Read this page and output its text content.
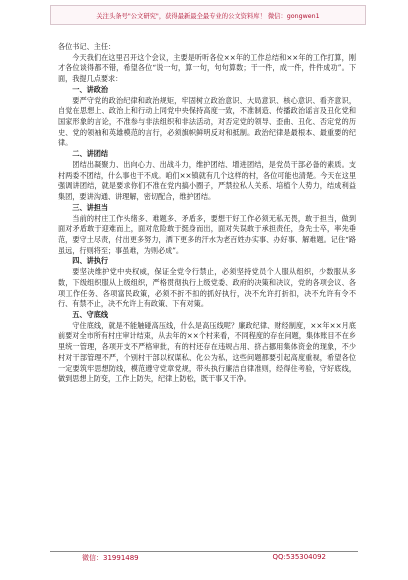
关注头条号"公文研究"，获得最新最全最专业的公文资料库！ 微信：gongwen1

各位书记、主任：

今天我们在这里召开这个会议，主要是听听各位××年的工作总结和××年的工作打算，刚才各位谈得都不错，希望各位“说一句，算一句，句句算数；干一件，成一件，件件成功”。下面，我提几点要求：

一、讲政治

要严守党的政治纪律和政治规矩，牢固树立政治意识、大局意识、核心意识、看齐意识，自觉在思想上、政治上和行动上同党中央保持高度一致，不准制造、传播政治谣言及丑化党和国家形象的言论，不准参与非法组织和非法活动，对否定党的领导、歪曲、丑化、否定党的历史、党的领袖和英雄模范的言行，必须旗帜鲜明反对和抵制。政治纪律是最根本、最重要的纪律。

二、讲团结

团结出凝聚力、出向心力、出战斗力，维护团结、增进团结，是党员干部必备的素质。支村两委不团结，什么事也干不成。咱们××镇就有几个这样的村，各位可能也清楚。今天在这里强调讲团结，就是要求你们不准在党内搞小圈子，严禁拉私人关系、培植个人势力，结成利益集团，要讲沟通、讲理解，密切配合，维护团结。

三、讲担当

当前的村庄工作头绪多、难题多、矛盾多，要想干好工作必须无私无畏，敢于担当，做到面对矛盾敢于迎难而上，面对危险敢于挺身而出，面对失误敢于承担责任，身先士卒，率先垂范，要守土尽责，付出更多努力，洒下更多的汗水为老百姓办实事、办好事、解难题。记住“路虽远，行则将至；事虽难，为则必成”。

四、讲执行

要坚决维护党中央权威，保证全党令行禁止，必须坚持党员个人服从组织，少数服从多数，下级组织服从上级组织，严格贯彻执行上级党委、政府的决策和决议，党的各项会议、各项工作任务、各项富民政策，必须不折不扣的抓好执行，决不允许打折扣，决不允许有令不行、有禁不止，决不允许上有政策、下有对策。

五、守底线

守住底线，就是不能触碰高压线，什么是高压线呢？廉政纪律、财经制度，××年××月底前要对全市所有村庄审计结束，从去年的××个村来看，不同程度的存在问题，集体账目不在乡里统一管理，各项开支不严格审批，有的村还存在违规占用、挤占挪用集体资金的现象，不少村对干部管理不严，个别村干部以权谋私、化公为私，这些问题都要引起高度重视，希望各位一定要筑牢思想防线，模范遵守党章党规，带头执行廉洁自律准则，经得住考验，守好底线，做到思想上防变，工作上防失，纪律上防松，既干事又干净。

微信：31991489	QQ:535304092
